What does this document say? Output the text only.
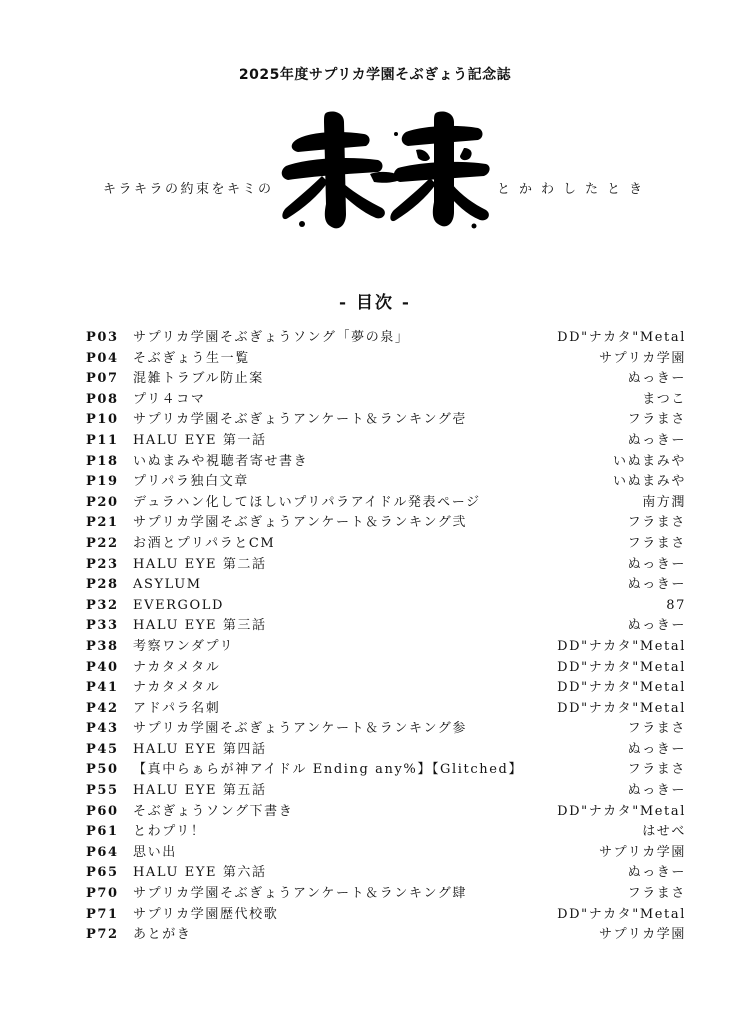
2025年度サプリカ学園そぶぎょう記念誌
キラキラの約束をキミの	とかわしたとき
- 目次 -
P03	サプリカ学園そぶぎょうソング「夢の泉」	DD"ナカタ"Metal
P04	そぶぎょう生一覧	サプリカ学園
P07	混雑トラブル防止案	ぬっきー
P08	プリ４コマ	まつこ
P10	サプリカ学園そぶぎょうアンケート＆ランキング壱	フラまさ
P11	HALU EYE 第一話	ぬっきー
P18	いぬまみや視聴者寄せ書き	いぬまみや
P19	プリパラ独白文章	いぬまみや
P20	デュラハン化してほしいプリパラアイドル発表ページ	南方潤
P21	サプリカ学園そぶぎょうアンケート＆ランキング弐	フラまさ
P22	お酒とプリパラとCM	フラまさ
P23	HALU EYE 第二話	ぬっきー
P28	ASYLUM	ぬっきー
P32	EVERGOLD	87
P33	HALU EYE 第三話	ぬっきー
P38	考察ワンダプリ	DD"ナカタ"Metal
P40	ナカタメタル	DD"ナカタ"Metal
P41	ナカタメタル	DD"ナカタ"Metal
P42	アドパラ名刺	DD"ナカタ"Metal
P43	サプリカ学園そぶぎょうアンケート＆ランキング参	フラまさ
P45	HALU EYE 第四話	ぬっきー
P50	【真中らぁらが神アイドル Ending any%】【Glitched】	フラまさ
P55	HALU EYE 第五話	ぬっきー
P60	そぶぎょうソング下書き	DD"ナカタ"Metal
P61	とわプリ！	はせべ
P64	思い出	サプリカ学園
P65	HALU EYE 第六話	ぬっきー
P70	サプリカ学園そぶぎょうアンケート＆ランキング肆	フラまさ
P71	サプリカ学園歴代校歌	DD"ナカタ"Metal
P72	あとがき	サプリカ学園
